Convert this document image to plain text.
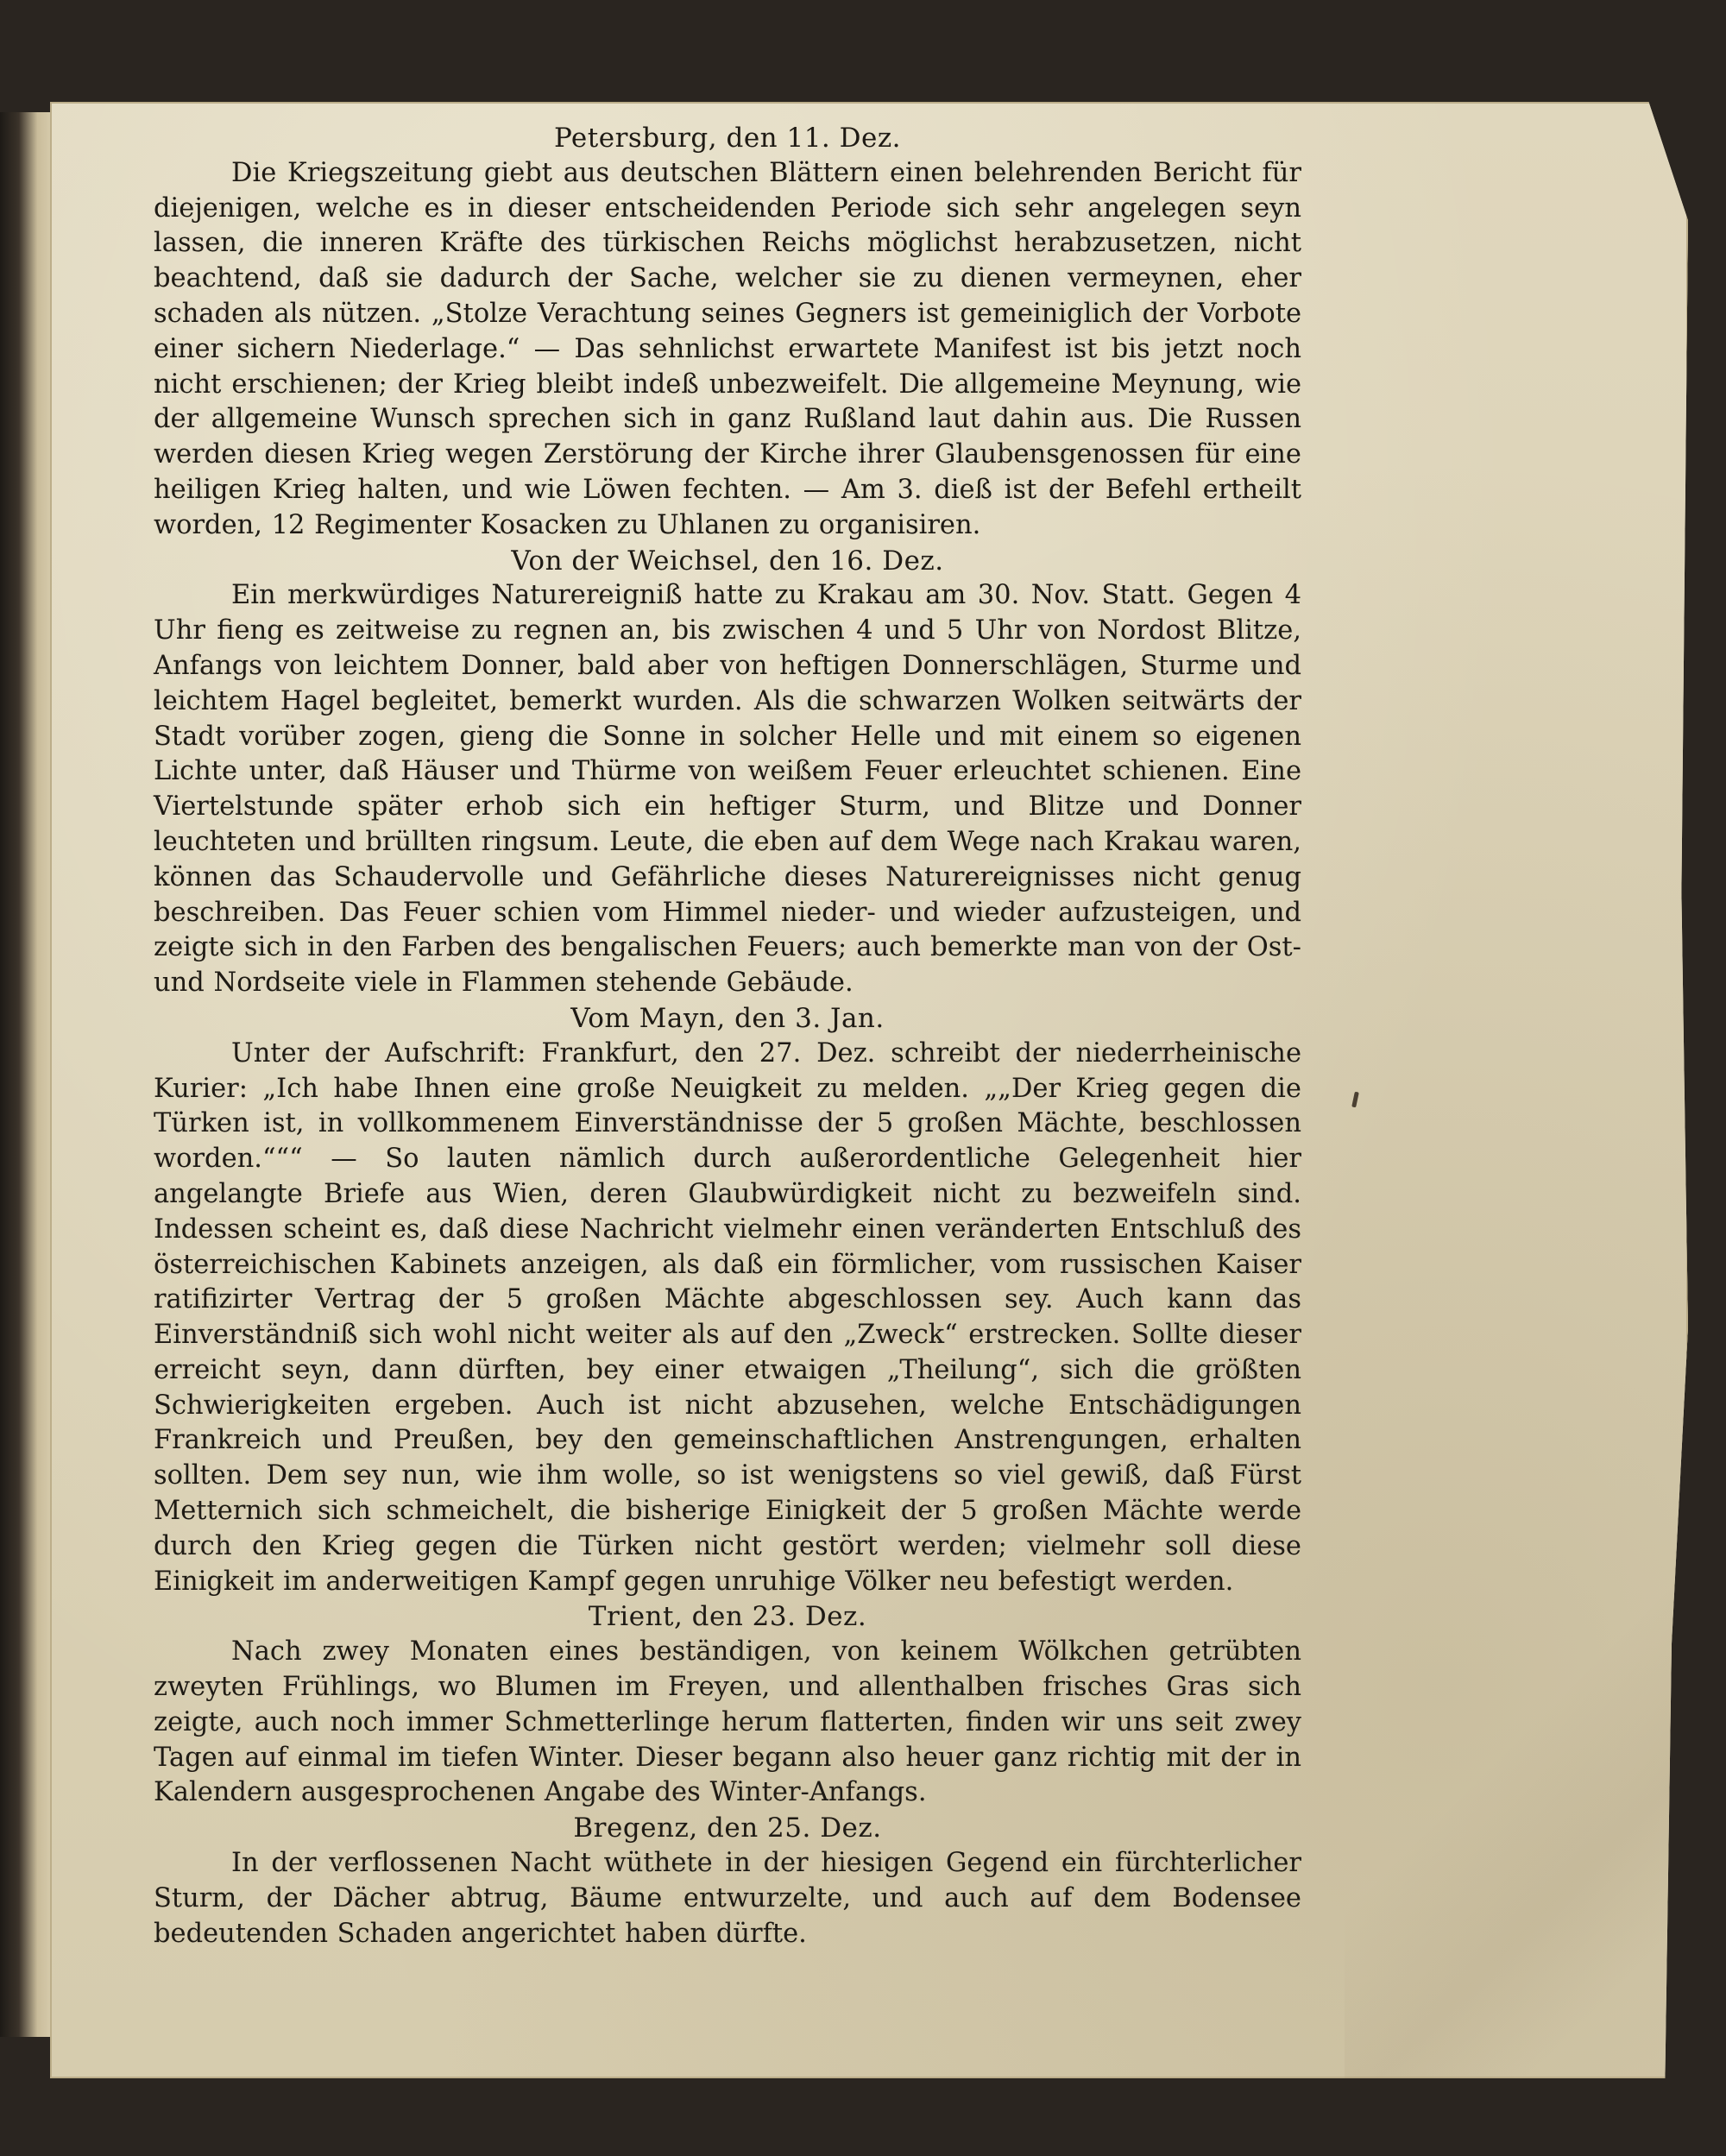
Petersburg, den 11. Dez.

Die Kriegszeitung giebt aus deutschen Blättern einen belehrenden Bericht für diejenigen, welche es in dieser entscheidenden Periode sich sehr angelegen seyn lassen, die inneren Kräfte des türkischen Reichs möglichst herabzusetzen, nicht beachtend, daß sie dadurch der Sache, welcher sie zu dienen vermeynen, eher schaden als nützen. „Stolze Verachtung seines Gegners ist gemeiniglich der Vorbote einer sichern Niederlage.“ — Das sehnlichst erwartete Manifest ist bis jetzt noch nicht erschienen; der Krieg bleibt indeß unbezweifelt. Die allgemeine Meynung, wie der allgemeine Wunsch sprechen sich in ganz Rußland laut dahin aus. Die Russen werden diesen Krieg wegen Zerstörung der Kirche ihrer Glaubensgenossen für eine heiligen Krieg halten, und wie Löwen fechten. — Am 3. dieß ist der Befehl ertheilt worden, 12 Regimenter Kosacken zu Uhlanen zu organisiren.

Von der Weichsel, den 16. Dez.

Ein merkwürdiges Naturereigniß hatte zu Krakau am 30. Nov. Statt. Gegen 4 Uhr fieng es zeitweise zu regnen an, bis zwischen 4 und 5 Uhr von Nordost Blitze, Anfangs von leichtem Donner, bald aber von heftigen Donnerschlägen, Sturme und leichtem Hagel begleitet, bemerkt wurden. Als die schwarzen Wolken seitwärts der Stadt vorüber zogen, gieng die Sonne in solcher Helle und mit einem so eigenen Lichte unter, daß Häuser und Thürme von weißem Feuer erleuchtet schienen. Eine Viertelstunde später erhob sich ein heftiger Sturm, und Blitze und Donner leuchteten und brüllten ringsum. Leute, die eben auf dem Wege nach Krakau waren, können das Schaudervolle und Gefährliche dieses Naturereignisses nicht genug beschreiben. Das Feuer schien vom Himmel nieder- und wieder aufzusteigen, und zeigte sich in den Farben des bengalischen Feuers; auch bemerkte man von der Ost- und Nordseite viele in Flammen stehende Gebäude.

Vom Mayn, den 3. Jan.

Unter der Aufschrift: Frankfurt, den 27. Dez. schreibt der niederrheinische Kurier: „Ich habe Ihnen eine große Neuigkeit zu melden. „„Der Krieg gegen die Türken ist, in vollkommenem Einverständnisse der 5 großen Mächte, beschlossen worden.“““ — So lauten nämlich durch außerordentliche Gelegenheit hier angelangte Briefe aus Wien, deren Glaubwürdigkeit nicht zu bezweifeln sind. Indessen scheint es, daß diese Nachricht vielmehr einen veränderten Entschluß des österreichischen Kabinets anzeigen, als daß ein förmlicher, vom russischen Kaiser ratifizirter Vertrag der 5 großen Mächte abgeschlossen sey. Auch kann das Einverständniß sich wohl nicht weiter als auf den „Zweck“ erstrecken. Sollte dieser erreicht seyn, dann dürften, bey einer etwaigen „Theilung“, sich die größten Schwierigkeiten ergeben. Auch ist nicht abzusehen, welche Entschädigungen Frankreich und Preußen, bey den gemeinschaftlichen Anstrengungen, erhalten sollten. Dem sey nun, wie ihm wolle, so ist wenigstens so viel gewiß, daß Fürst Metternich sich schmeichelt, die bisherige Einigkeit der 5 großen Mächte werde durch den Krieg gegen die Türken nicht gestört werden; vielmehr soll diese Einigkeit im anderweitigen Kampf gegen unruhige Völker neu befestigt werden.

Trient, den 23. Dez.

Nach zwey Monaten eines beständigen, von keinem Wölkchen getrübten zweyten Frühlings, wo Blumen im Freyen, und allenthalben frisches Gras sich zeigte, auch noch immer Schmetterlinge herum flatterten, finden wir uns seit zwey Tagen auf einmal im tiefen Winter. Dieser begann also heuer ganz richtig mit der in Kalendern ausgesprochenen Angabe des Winter-Anfangs.

Bregenz, den 25. Dez.

In der verflossenen Nacht wüthete in der hiesigen Gegend ein fürchterlicher Sturm, der Dächer abtrug, Bäume entwurzelte, und auch auf dem Bodensee bedeutenden Schaden angerichtet haben dürfte.
